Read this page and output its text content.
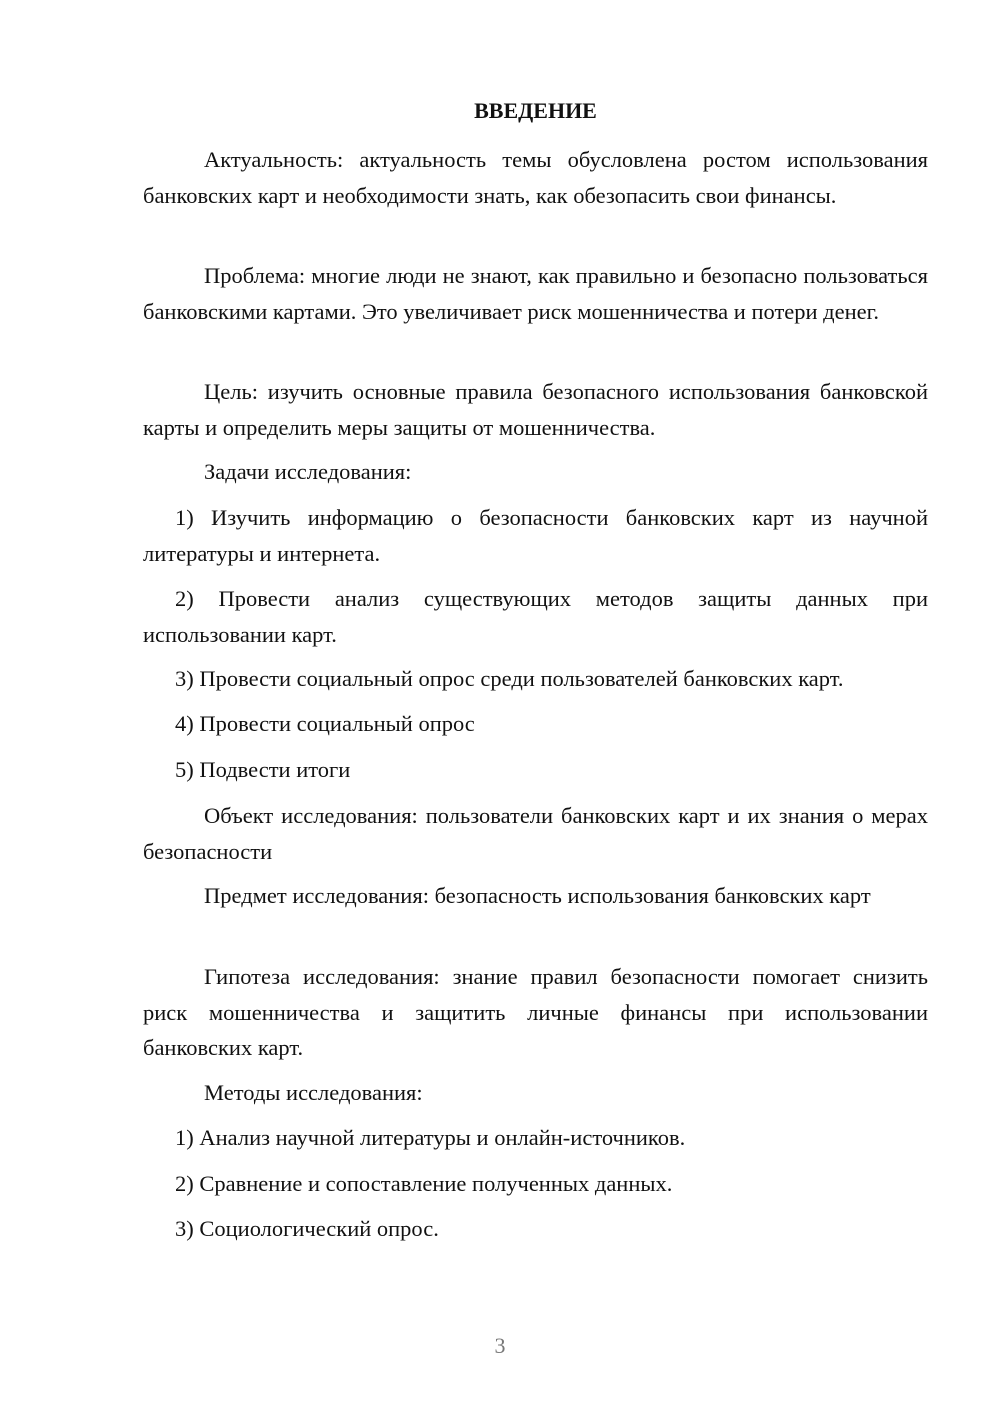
ВВЕДЕНИЕ

Актуальность: актуальность темы обусловлена ростом использования банковских карт и необходимости знать, как обезопасить свои финансы.

Проблема: многие люди не знают, как правильно и безопасно пользоваться банковскими картами. Это увеличивает риск мошенничества и потери денег.

Цель: изучить основные правила безопасного использования банковской карты и определить меры защиты от мошенничества.

Задачи исследования:

1) Изучить информацию о безопасности банковских карт из научной литературы и интернета.

2) Провести анализ существующих методов защиты данных при использовании карт.

3) Провести социальный опрос среди пользователей банковских карт.

4) Провести социальный опрос

5) Подвести итоги

Объект исследования: пользователи банковских карт и их знания о мерах безопасности

Предмет исследования: безопасность использования банковских карт

Гипотеза исследования: знание правил безопасности помогает снизить риск мошенничества и защитить личные финансы при использовании банковских карт.

Методы исследования:

1) Анализ научной литературы и онлайн-источников.

2) Сравнение и сопоставление полученных данных.

3) Социологический опрос.

3
